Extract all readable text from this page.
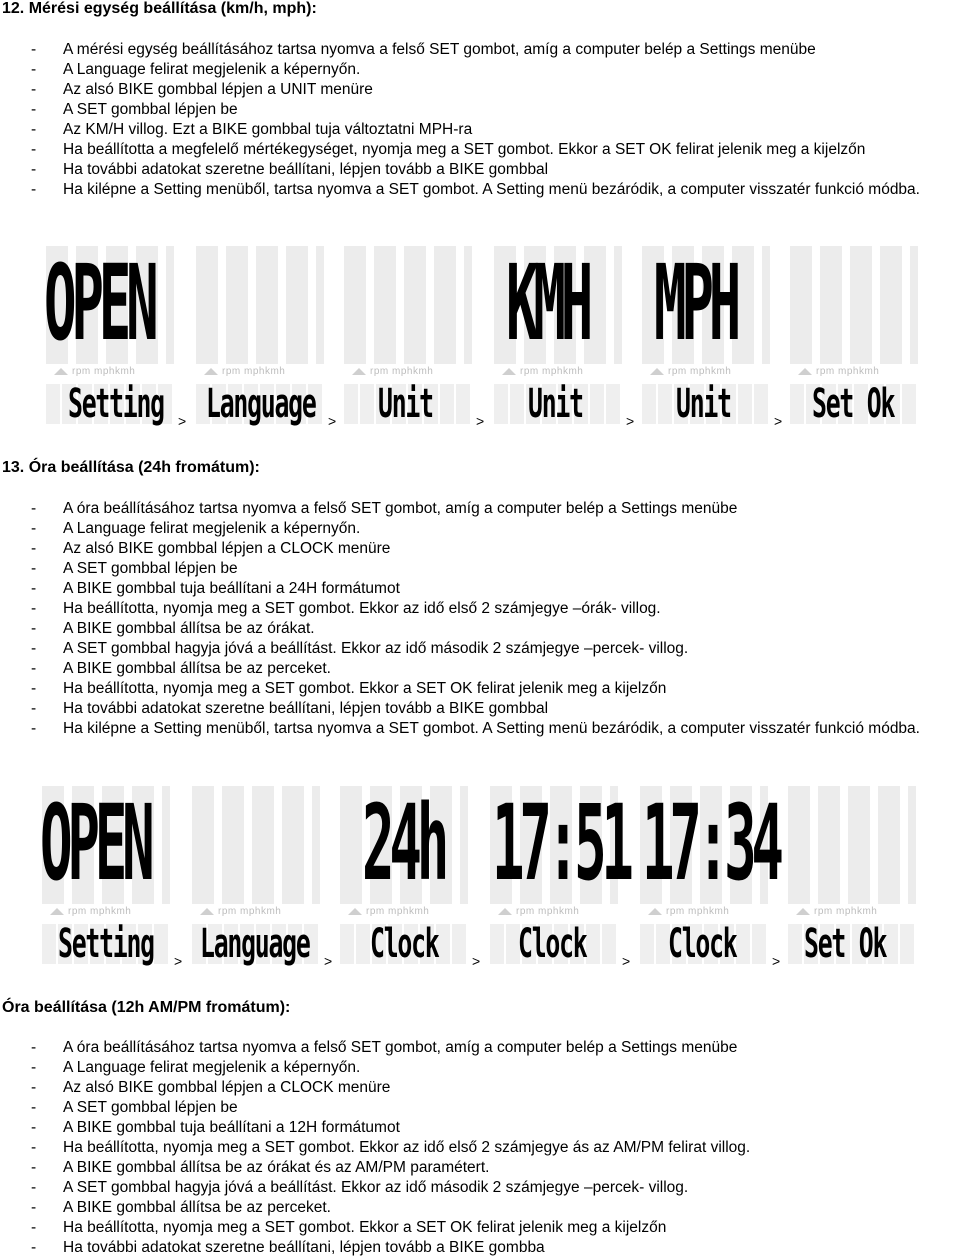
12. Mérési egység beállítása (km/h, mph):
- A mérési egység beállításához tartsa nyomva a felső SET gombot, amíg a computer belép a Settings menübe
- A Language felirat megjelenik a képernyőn.
- Az alsó BIKE gombbal lépjen a UNIT menüre
- A SET gombbal lépjen be
- Az KM/H villog. Ezt a BIKE gombbal tuja változtatni MPH-ra
- Ha beállította a megfelelő mértékegységet, nyomja meg a SET gombot. Ekkor a SET OK felirat jelenik meg a kijelzőn
- Ha további adatokat szeretne beállítani, lépjen tovább a BIKE gombbal
- Ha kilépne a Setting menüből, tartsa nyomva a SET gombot. A Setting menü bezáródik, a computer visszatér funkció módba.
OPEN
rpm mphkmh
Setting >
rpm mphkmh
Language >
rpm mphkmh
Unit	>
KMH
rpm mphkmh
Unit	>
MPH
rpm mphkmh
Unit	>
rpm mphkmh
Set Ok
13. Óra beállítása (24h fromátum):
- A óra beállításához tartsa nyomva a felső SET gombot, amíg a computer belép a Settings menübe
- A Language felirat megjelenik a képernyőn.
- Az alsó BIKE gombbal lépjen a CLOCK menüre
- A SET gombbal lépjen be
- A BIKE gombbal tuja beállítani a 24H formátumot
- Ha beállította, nyomja meg a SET gombot. Ekkor az idő első 2 számjegye –órák- villog.
- A BIKE gombbal állítsa be az órákat.
- A SET gombbal hagyja jóvá a beállítást. Ekkor az idő második 2 számjegye –percek- villog.
- A BIKE gombbal állítsa be az perceket.
- Ha beállította, nyomja meg a SET gombot. Ekkor a SET OK felirat jelenik meg a kijelzőn
- Ha további adatokat szeretne beállítani, lépjen tovább a BIKE gombbal
- Ha kilépne a Setting menüből, tartsa nyomva a SET gombot. A Setting menü bezáródik, a computer visszatér funkció módba.
OPEN
rpm mphkmh
Setting >
rpm mphkmh
Language >
24h
rpm mphkmh
Clock >
17:51
rpm mphkmh
Clock	>
17:34
rpm mphkmh
Clock	>
rpm mphkmh
Set Ok
Óra beállítása (12h AM/PM fromátum):
- A óra beállításához tartsa nyomva a felső SET gombot, amíg a computer belép a Settings menübe
- A Language felirat megjelenik a képernyőn.
- Az alsó BIKE gombbal lépjen a CLOCK menüre
- A SET gombbal lépjen be
- A BIKE gombbal tuja beállítani a 12H formátumot
- Ha beállította, nyomja meg a SET gombot. Ekkor az idő első 2 számjegye ás az AM/PM felirat villog.
- A BIKE gombbal állítsa be az órákat és az AM/PM paramétert.
- A SET gombbal hagyja jóvá a beállítást. Ekkor az idő második 2 számjegye –percek- villog.
- A BIKE gombbal állítsa be az perceket.
- Ha beállította, nyomja meg a SET gombot. Ekkor a SET OK felirat jelenik meg a kijelzőn
- Ha további adatokat szeretne beállítani, lépjen tovább a BIKE gombba
